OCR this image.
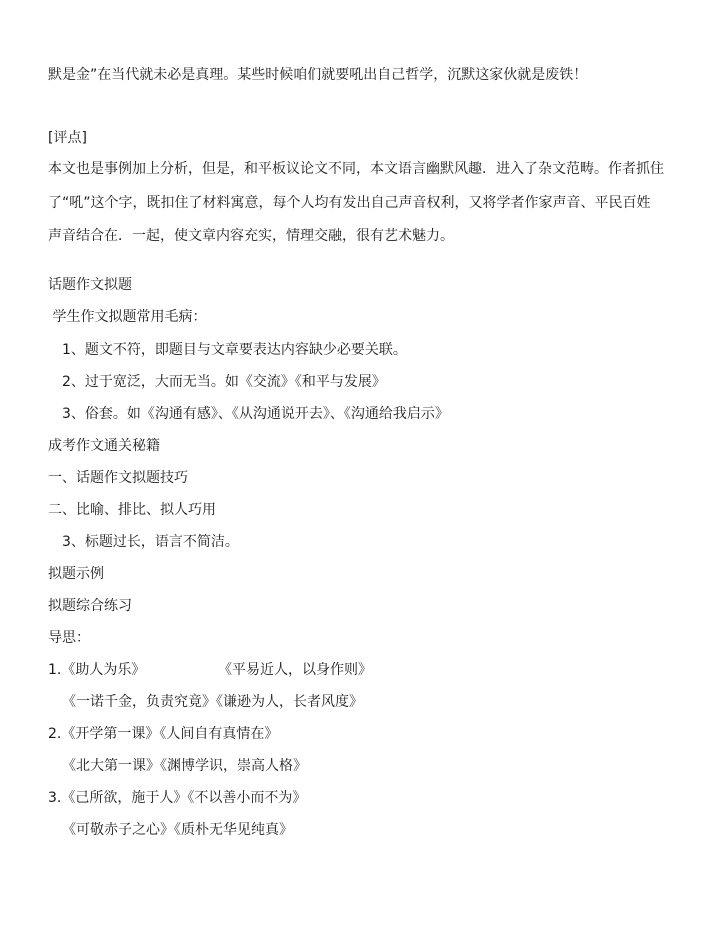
默是金”在当代就未必是真理。某些时候咱们就要吼出自己哲学，沉默这家伙就是废铁！
[评点]
本文也是事例加上分析，但是，和平板议论文不同，本文语言幽默风趣．进入了杂文范畴。作者抓住
了“吼”这个字，既扣住了材料寓意，每个人均有发出自己声音权利，又将学者作家声音、平民百姓
声音结合在．一起，使文章内容充实，情理交融，很有艺术魅力。
话题作文拟题
学生作文拟题常用毛病：
1、题文不符，即题目与文章要表达内容缺少必要关联。
2、过于宽泛，大而无当。如《交流》《和平与发展》
3、俗套。如《沟通有感》、《从沟通说开去》、《沟通给我启示》
成考作文通关秘籍
一、话题作文拟题技巧
二、比喻、排比、拟人巧用
3、标题过长，语言不简洁。
拟题示例
拟题综合练习
导思：
1.《助人为乐》	《平易近人，以身作则》
《一诺千金，负责究竟》《谦逊为人，长者风度》
2.《开学第一课》《人间自有真情在》
《北大第一课》《渊博学识，崇高人格》
3.《己所欲，施于人》《不以善小而不为》
《可敬赤子之心》《质朴无华见纯真》
